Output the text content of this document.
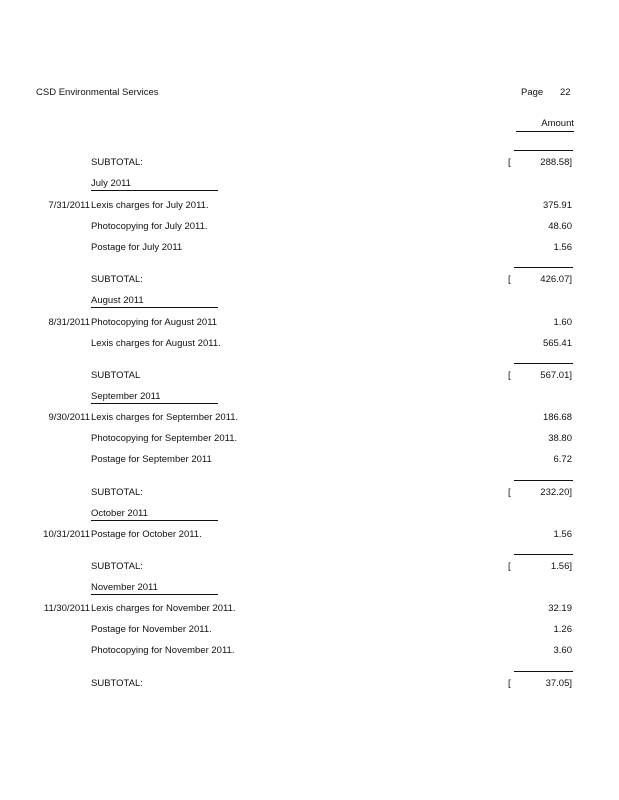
CSD Environmental Services	Page 22
Amount
SUBTOTAL:	[	288.58]
July 2011
7/31/2011 Lexis charges for July 2011.	375.91
Photocopying for July 2011.	48.60
Postage for July 2011	1.56
SUBTOTAL:	[	426.07]
August 2011
8/31/2011 Photocopying for August 2011	1.60
Lexis charges for August 2011.	565.41
SUBTOTAL	[	567.01]
September 2011
9/30/2011 Lexis charges for September 2011.	186.68
Photocopying for September 2011.	38.80
Postage for September 2011	6.72
SUBTOTAL:	[	232.20]
October 2011
10/31/2011 Postage for October 2011.	1.56
SUBTOTAL:	[	1.56]
November 2011
11/30/2011 Lexis charges for November 2011.	32.19
Postage for November 2011.	1.26
Photocopying for November 2011.	3.60
SUBTOTAL:	[	37.05]
